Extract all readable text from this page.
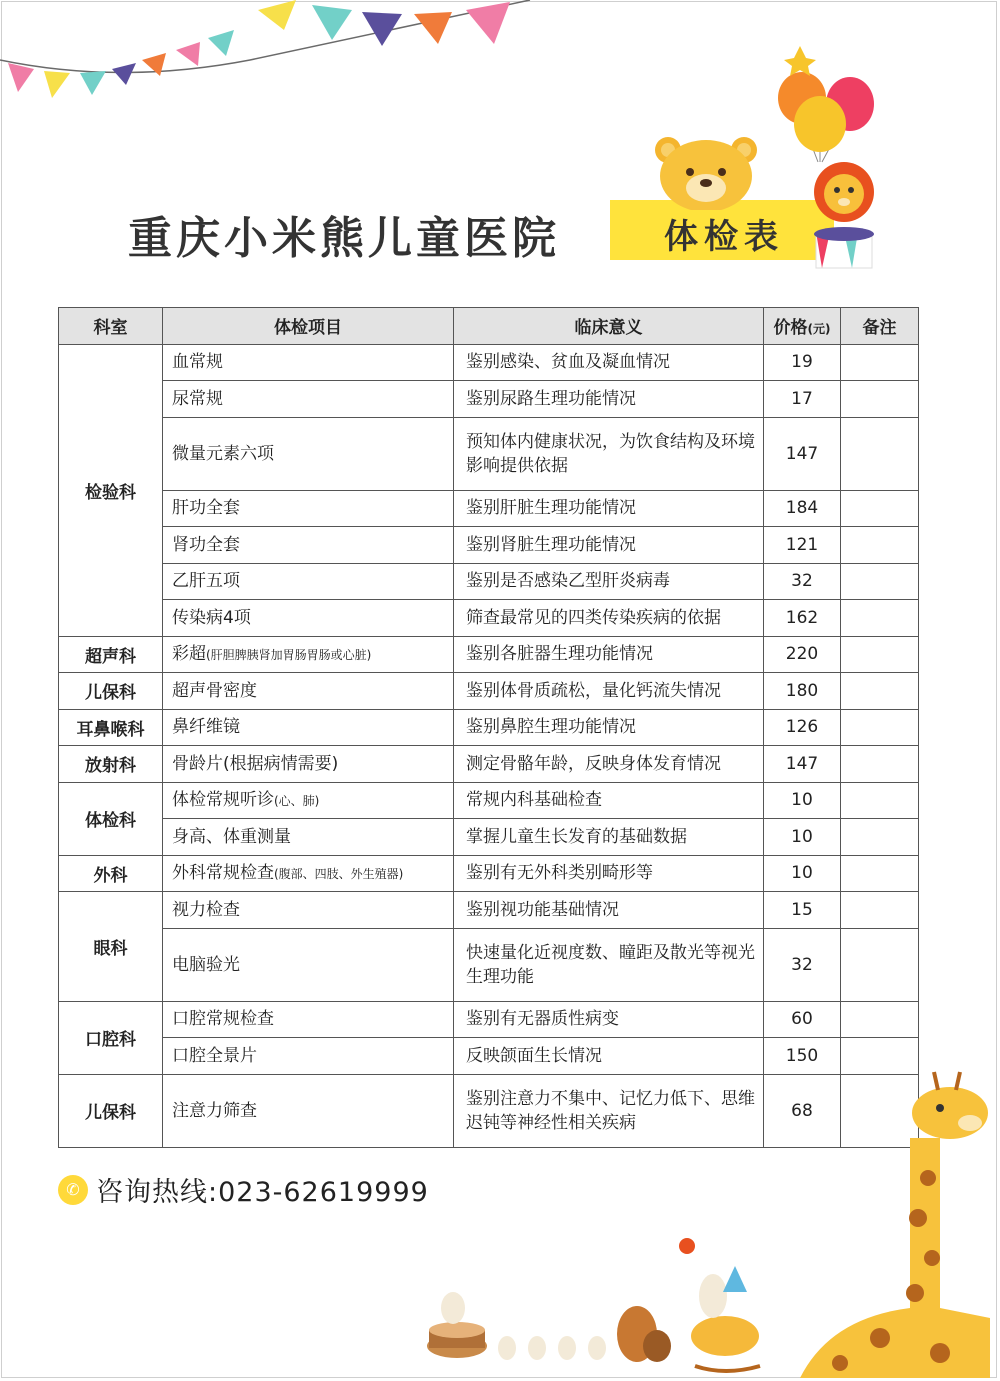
重庆小米熊儿童医院	体检表
科室	体检项目	临床意义	价格(元)	备注
检验科	血常规	鉴别感染、贫血及凝血情况	19	
	尿常规	鉴别尿路生理功能情况	17	
	微量元素六项	预知体内健康状况，为饮食结构及环境影响提供依据	147	
	肝功全套	鉴别肝脏生理功能情况	184	
	肾功全套	鉴别肾脏生理功能情况	121	
	乙肝五项	鉴别是否感染乙型肝炎病毒	32	
	传染病4项	筛查最常见的四类传染疾病的依据	162	
超声科	彩超(肝胆脾胰肾加胃肠胃肠或心脏)	鉴别各脏器生理功能情况	220	
儿保科	超声骨密度	鉴别体骨质疏松，量化钙流失情况	180	
耳鼻喉科	鼻纤维镜	鉴别鼻腔生理功能情况	126	
放射科	骨龄片(根据病情需要)	测定骨骼年龄，反映身体发育情况	147	
体检科	体检常规听诊(心、肺)	常规内科基础检查	10	
	身高、体重测量	掌握儿童生长发育的基础数据	10	
外科	外科常规检查(腹部、四肢、外生殖器)	鉴别有无外科类别畸形等	10	
眼科	视力检查	鉴别视功能基础情况	15	
	电脑验光	快速量化近视度数、瞳距及散光等视光生理功能	32	
口腔科	口腔常规检查	鉴别有无器质性病变	60	
	口腔全景片	反映颌面生长情况	150	
儿保科	注意力筛查	鉴别注意力不集中、记忆力低下、思维迟钝等神经性相关疾病	68	
✆ 咨询热线:023-62619999
